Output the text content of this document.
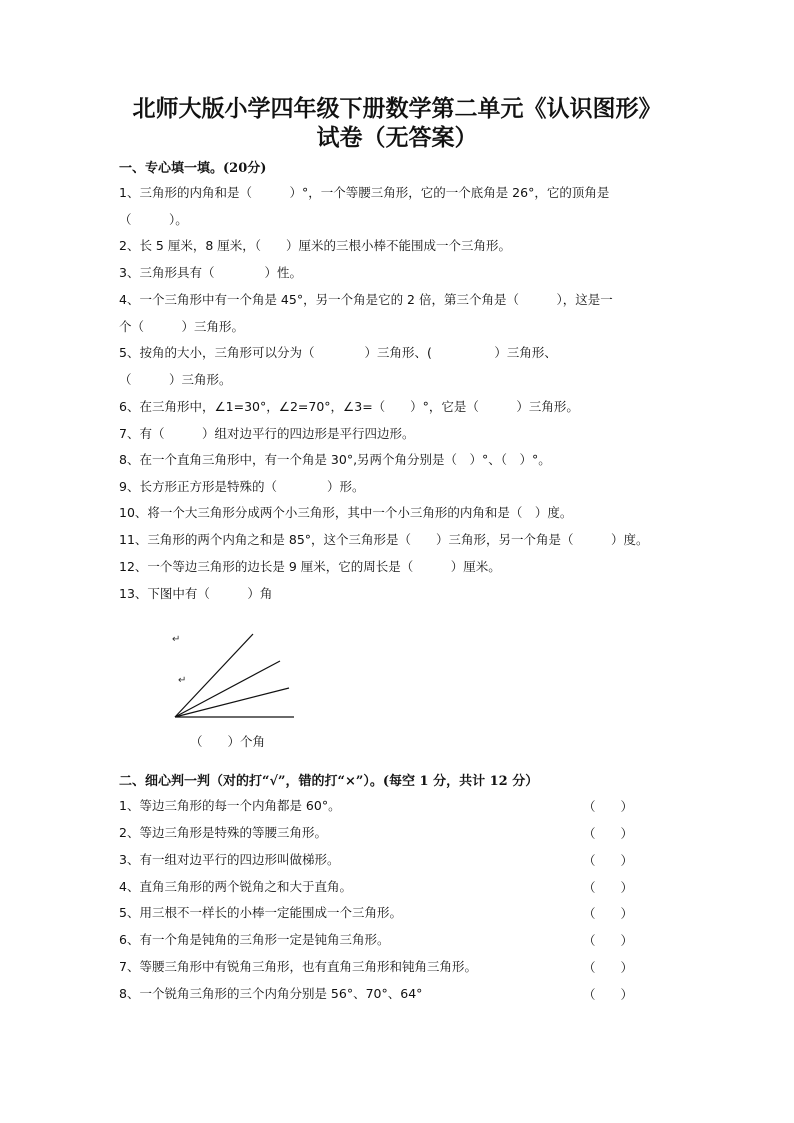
北师大版小学四年级下册数学第二单元《认识图形》
试卷（无答案）
一、专心填一填。(20分)
1、三角形的内角和是（　　　）°，一个等腰三角形，它的一个底角是 26°，它的顶角是
（　　　）。
2、长 5 厘米，8 厘米，（　　）厘米的三根小棒不能围成一个三角形。
3、三角形具有（　　　　）性。
4、一个三角形中有一个角是 45°，另一个角是它的 2 倍，第三个角是（　　　），这是一
个（　　　）三角形。
5、按角的大小，三角形可以分为（　　　　）三角形、(　　　　　）三角形、
（　　　）三角形。
6、在三角形中，∠1=30°，∠2=70°，∠3=（　　）°，它是（　　　）三角形。
7、有（　　　）组对边平行的四边形是平行四边形。
8、在一个直角三角形中，有一个角是 30°,另两个角分别是（　）°、（　）°。
9、长方形正方形是特殊的（　　　　）形。
10、将一个大三角形分成两个小三角形，其中一个小三角形的内角和是（　）度。
11、三角形的两个内角之和是 85°，这个三角形是（　　）三角形，另一个角是（　　　）度。
12、一个等边三角形的边长是 9 厘米，它的周长是（　　　）厘米。
13、下图中有（　　　）角
↵
↵
（　　）个角
二、细心判一判（对的打“√”，错的打“×”）。(每空 1 分，共计 12 分）
1、等边三角形的每一个内角都是 60°。	（　　）
2、等边三角形是特殊的等腰三角形。	（　　）
3、有一组对边平行的四边形叫做梯形。	（　　）
4、直角三角形的两个锐角之和大于直角。	（　　）
5、用三根不一样长的小棒一定能围成一个三角形。	（　　）
6、有一个角是钝角的三角形一定是钝角三角形。	（　　）
7、等腰三角形中有锐角三角形，也有直角三角形和钝角三角形。	（　　）
8、一个锐角三角形的三个内角分别是 56°、70°、64°	（　　）
